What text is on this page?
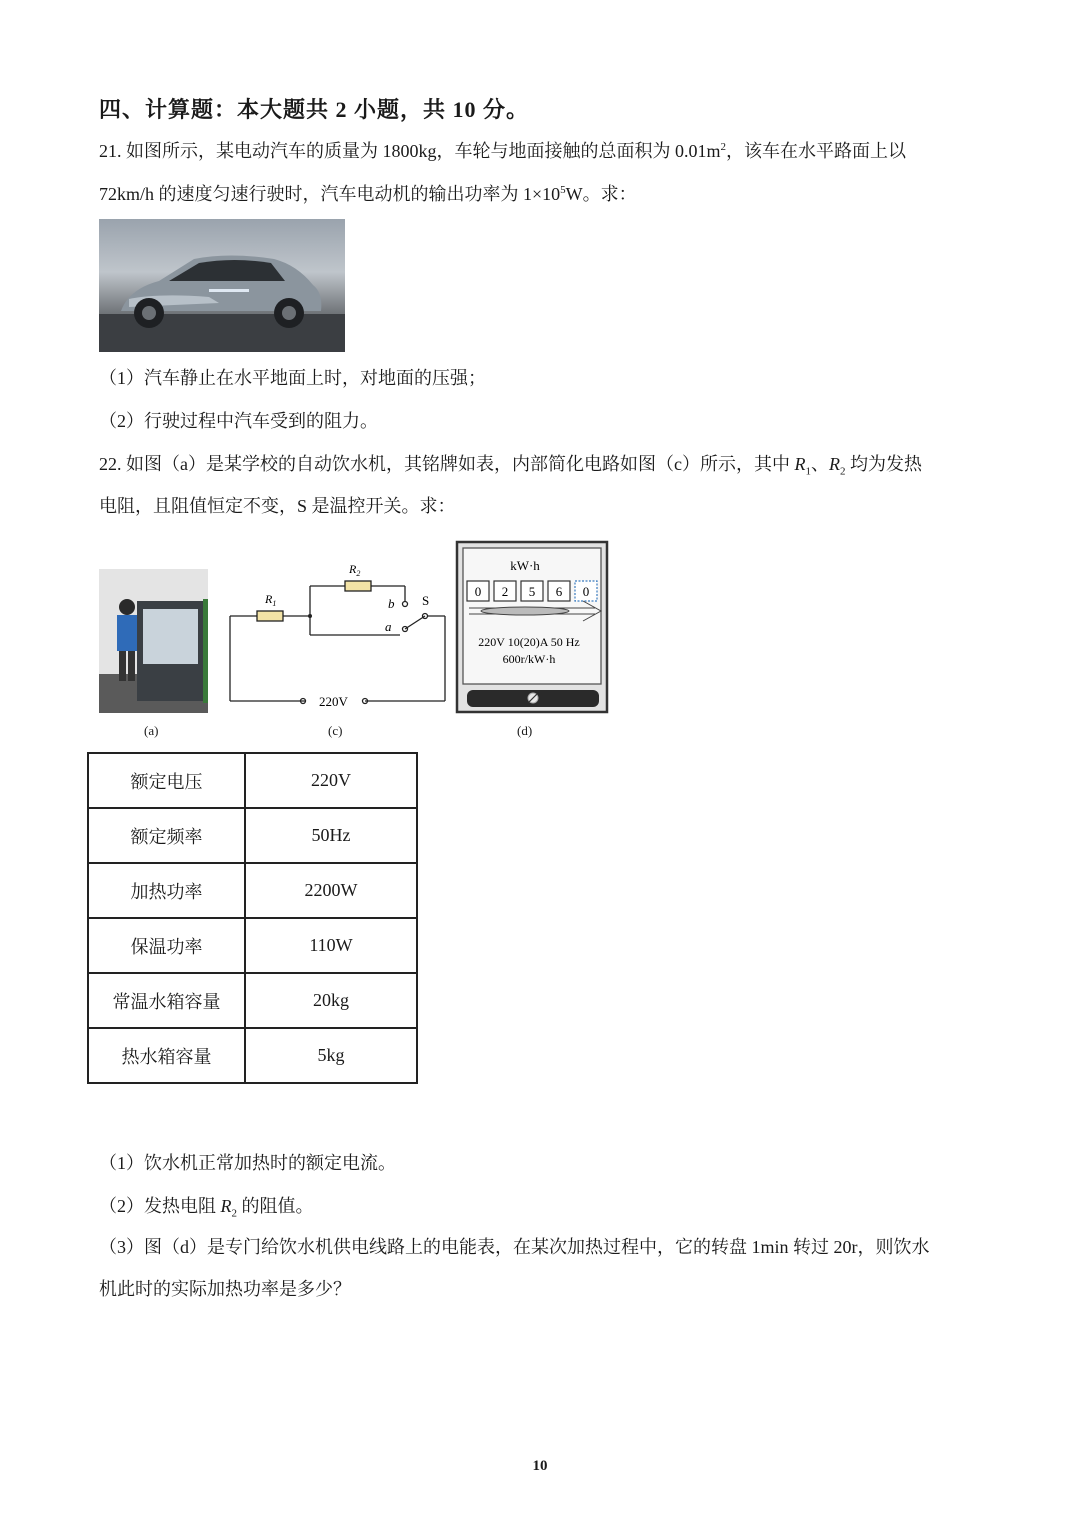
四、计算题：本大题共 2 小题，共 10 分。
21. 如图所示，某电动汽车的质量为 1800kg，车轮与地面接触的总面积为 $0.01m^2$，该车在水平路面上以
72km/h 的速度匀速行驶时，汽车电动机的输出功率为 $1\times 10^5W$。求：
（1）汽车静止在水平地面上时，对地面的压强；
（2）行驶过程中汽车受到的阻力。
22. 如图（a）是某学校的自动饮水机，其铭牌如表，内部简化电路如图（c）所示，其中 $R_1$、$R_2$ 均为发热
电阻，且阻值恒定不变，S 是温控开关。求：
(a)
$R_1$
$R_2$
b
a
S
220V
(c)
kW·h
0 2 5 6 0
220V 10(20)A 50 Hz
600r/kW·h
(d)
额定电压	220V
额定频率	50Hz
加热功率	2200W
保温功率	110W
常温水箱容量	20kg
热水箱容量	5kg
（1）饮水机正常加热时的额定电流。
（2）发热电阻 $R_2$ 的阻值。
（3）图（d）是专门给饮水机供电线路上的电能表，在某次加热过程中，它的转盘 1min 转过 20r，则饮水
机此时的实际加热功率是多少？
10
